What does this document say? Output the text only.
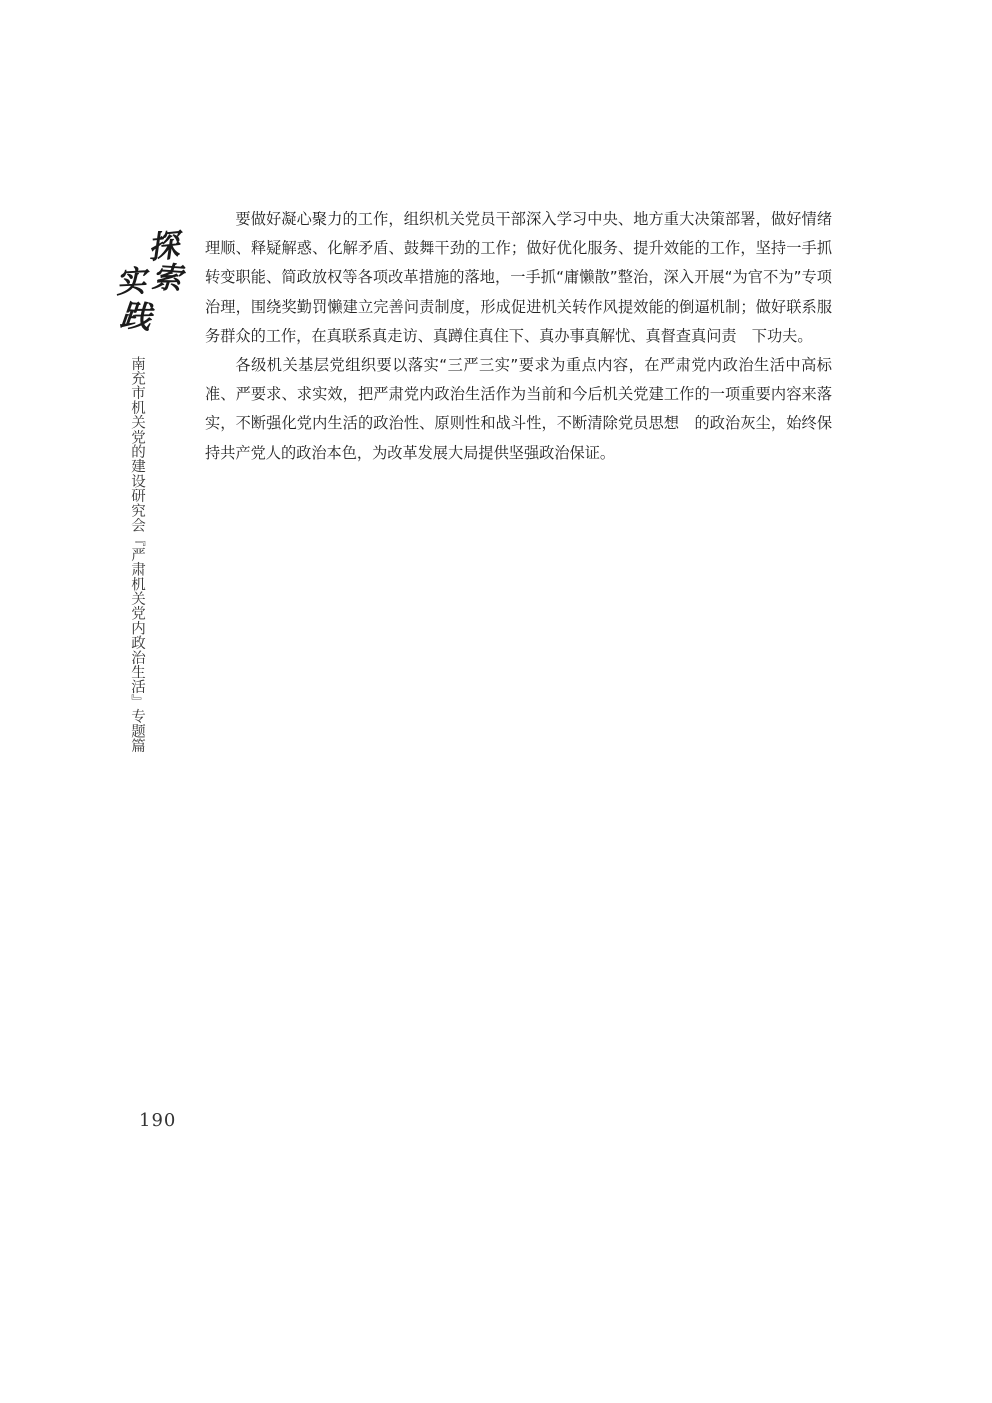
探
索
实
践
南充市机关党的建设研究会『严肃机关党内政治生活』专题篇

要做好凝心聚力的工作，组织机关党员干部深入学习中央、地方重大决策部署，做好情绪理顺、释疑解惑、化解矛盾、鼓舞干劲的工作；做好优化服务、提升效能的工作，坚持一手抓转变职能、简政放权等各项改革措施的落地，一手抓“庸懒散”整治，深入开展“为官不为”专项治理，围绕奖勤罚懒建立完善问责制度，形成促进机关转作风提效能的倒逼机制；做好联系服务群众的工作，在真联系真走访、真蹲住真住下、真办事真解忧、真督查真问责　下功夫。

各级机关基层党组织要以落实“三严三实”要求为重点内容，在严肃党内政治生活中高标准、严要求、求实效，把严肃党内政治生活作为当前和今后机关党建工作的一项重要内容来落实，不断强化党内生活的政治性、原则性和战斗性，不断清除党员思想　的政治灰尘，始终保持共产党人的政治本色，为改革发展大局提供坚强政治保证。

190
